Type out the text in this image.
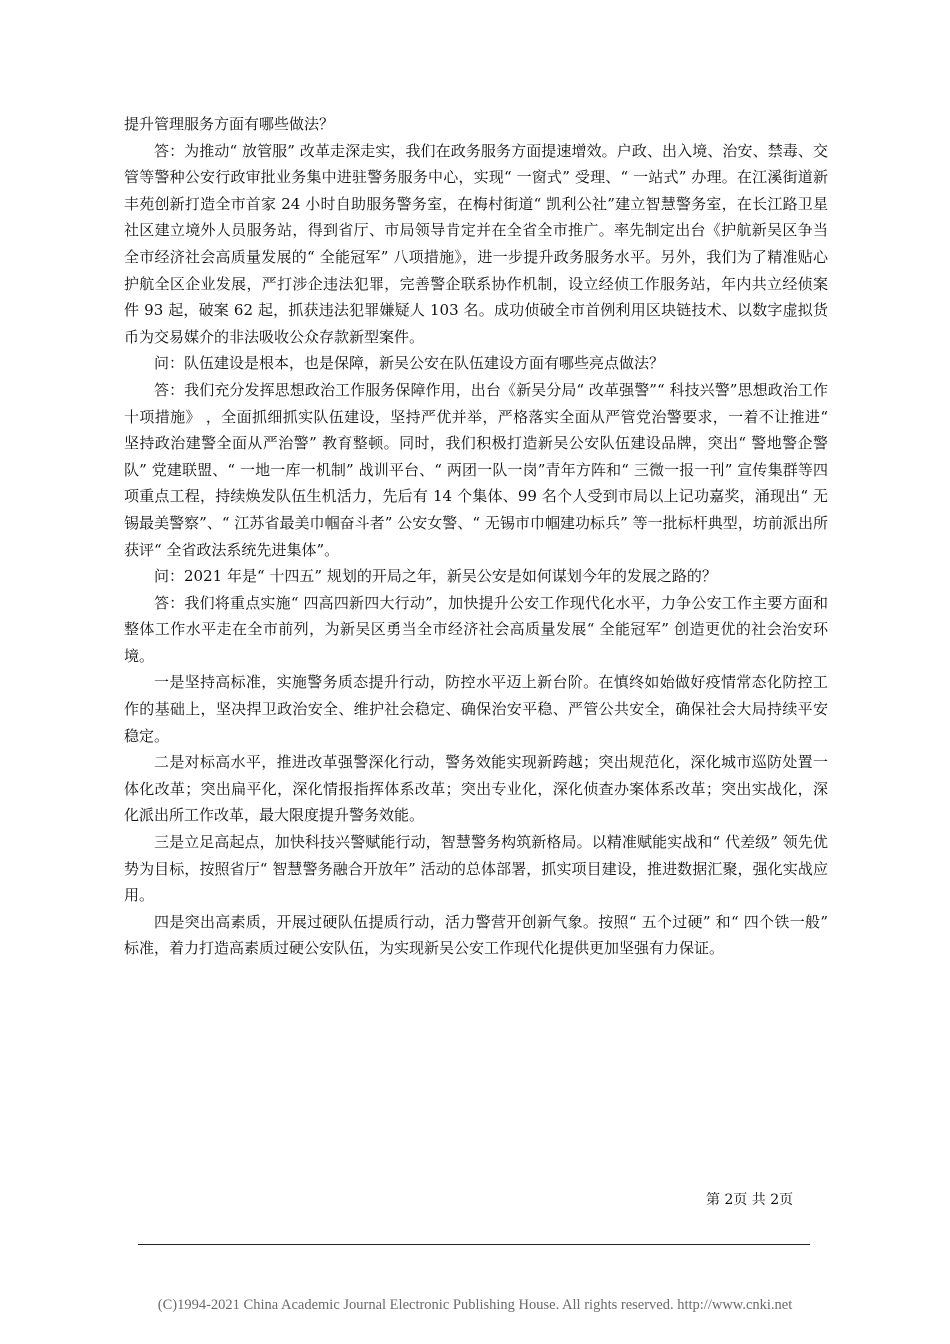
提升管理服务方面有哪些做法？

答：为推动“ 放管服” 改革走深走实，我们在政务服务方面提速增效。户政、出入境、治安、禁毒、交管等警种公安行政审批业务集中进驻警务服务中心，实现“ 一窗式” 受理、“ 一站式” 办理。在江溪街道新丰苑创新打造全市首家 24 小时自助服务警务室，在梅村街道“ 凯利公社”建立智慧警务室，在长江路卫星社区建立境外人员服务站，得到省厅、市局领导肯定并在全省全市推广。率先制定出台《护航新吴区争当全市经济社会高质量发展的“ 全能冠军” 八项措施》，进一步提升政务服务水平。另外，我们为了精准贴心护航全区企业发展，严打涉企违法犯罪，完善警企联系协作机制，设立经侦工作服务站，年内共立经侦案件 93 起，破案 62 起，抓获违法犯罪嫌疑人 103 名。成功侦破全市首例利用区块链技术、以数字虚拟货币为交易媒介的非法吸收公众存款新型案件。

问：队伍建设是根本，也是保障，新吴公安在队伍建设方面有哪些亮点做法？

答：我们充分发挥思想政治工作服务保障作用，出台《新吴分局“ 改革强警”“ 科技兴警”思想政治工作十项措施》 ，全面抓细抓实队伍建设，坚持严优并举，严格落实全面从严管党治警要求，一着不让推进“ 坚持政治建警全面从严治警” 教育整顿。同时，我们积极打造新吴公安队伍建设品牌，突出“ 警地警企警队” 党建联盟、“ 一地一库一机制” 战训平台、“ 两团一队一岗”青年方阵和“ 三微一报一刊” 宣传集群等四项重点工程，持续焕发队伍生机活力，先后有 14 个集体、99 名个人受到市局以上记功嘉奖，涌现出“ 无锡最美警察”、“ 江苏省最美巾帼奋斗者” 公安女警、“ 无锡市巾帼建功标兵” 等一批标杆典型，坊前派出所获评“ 全省政法系统先进集体”。

问：2021 年是“ 十四五” 规划的开局之年，新吴公安是如何谋划今年的发展之路的？

答：我们将重点实施“ 四高四新四大行动”，加快提升公安工作现代化水平，力争公安工作主要方面和整体工作水平走在全市前列，为新吴区勇当全市经济社会高质量发展“ 全能冠军” 创造更优的社会治安环境。

一是坚持高标准，实施警务质态提升行动，防控水平迈上新台阶。在慎终如始做好疫情常态化防控工作的基础上，坚决捍卫政治安全、维护社会稳定、确保治安平稳、严管公共安全，确保社会大局持续平安稳定。

二是对标高水平，推进改革强警深化行动，警务效能实现新跨越；突出规范化，深化城市巡防处置一体化改革；突出扁平化，深化情报指挥体系改革；突出专业化，深化侦查办案体系改革；突出实战化，深化派出所工作改革，最大限度提升警务效能。

三是立足高起点，加快科技兴警赋能行动，智慧警务构筑新格局。以精准赋能实战和“ 代差级” 领先优势为目标，按照省厅“ 智慧警务融合开放年” 活动的总体部署，抓实项目建设，推进数据汇聚，强化实战应用。

四是突出高素质，开展过硬队伍提质行动，活力警营开创新气象。按照“ 五个过硬” 和“ 四个铁一般” 标准，着力打造高素质过硬公安队伍，为实现新吴公安工作现代化提供更加坚强有力保证。

第 2页 共 2页
(C)1994-2021 China Academic Journal Electronic Publishing House. All rights reserved. http://www.cnki.net
